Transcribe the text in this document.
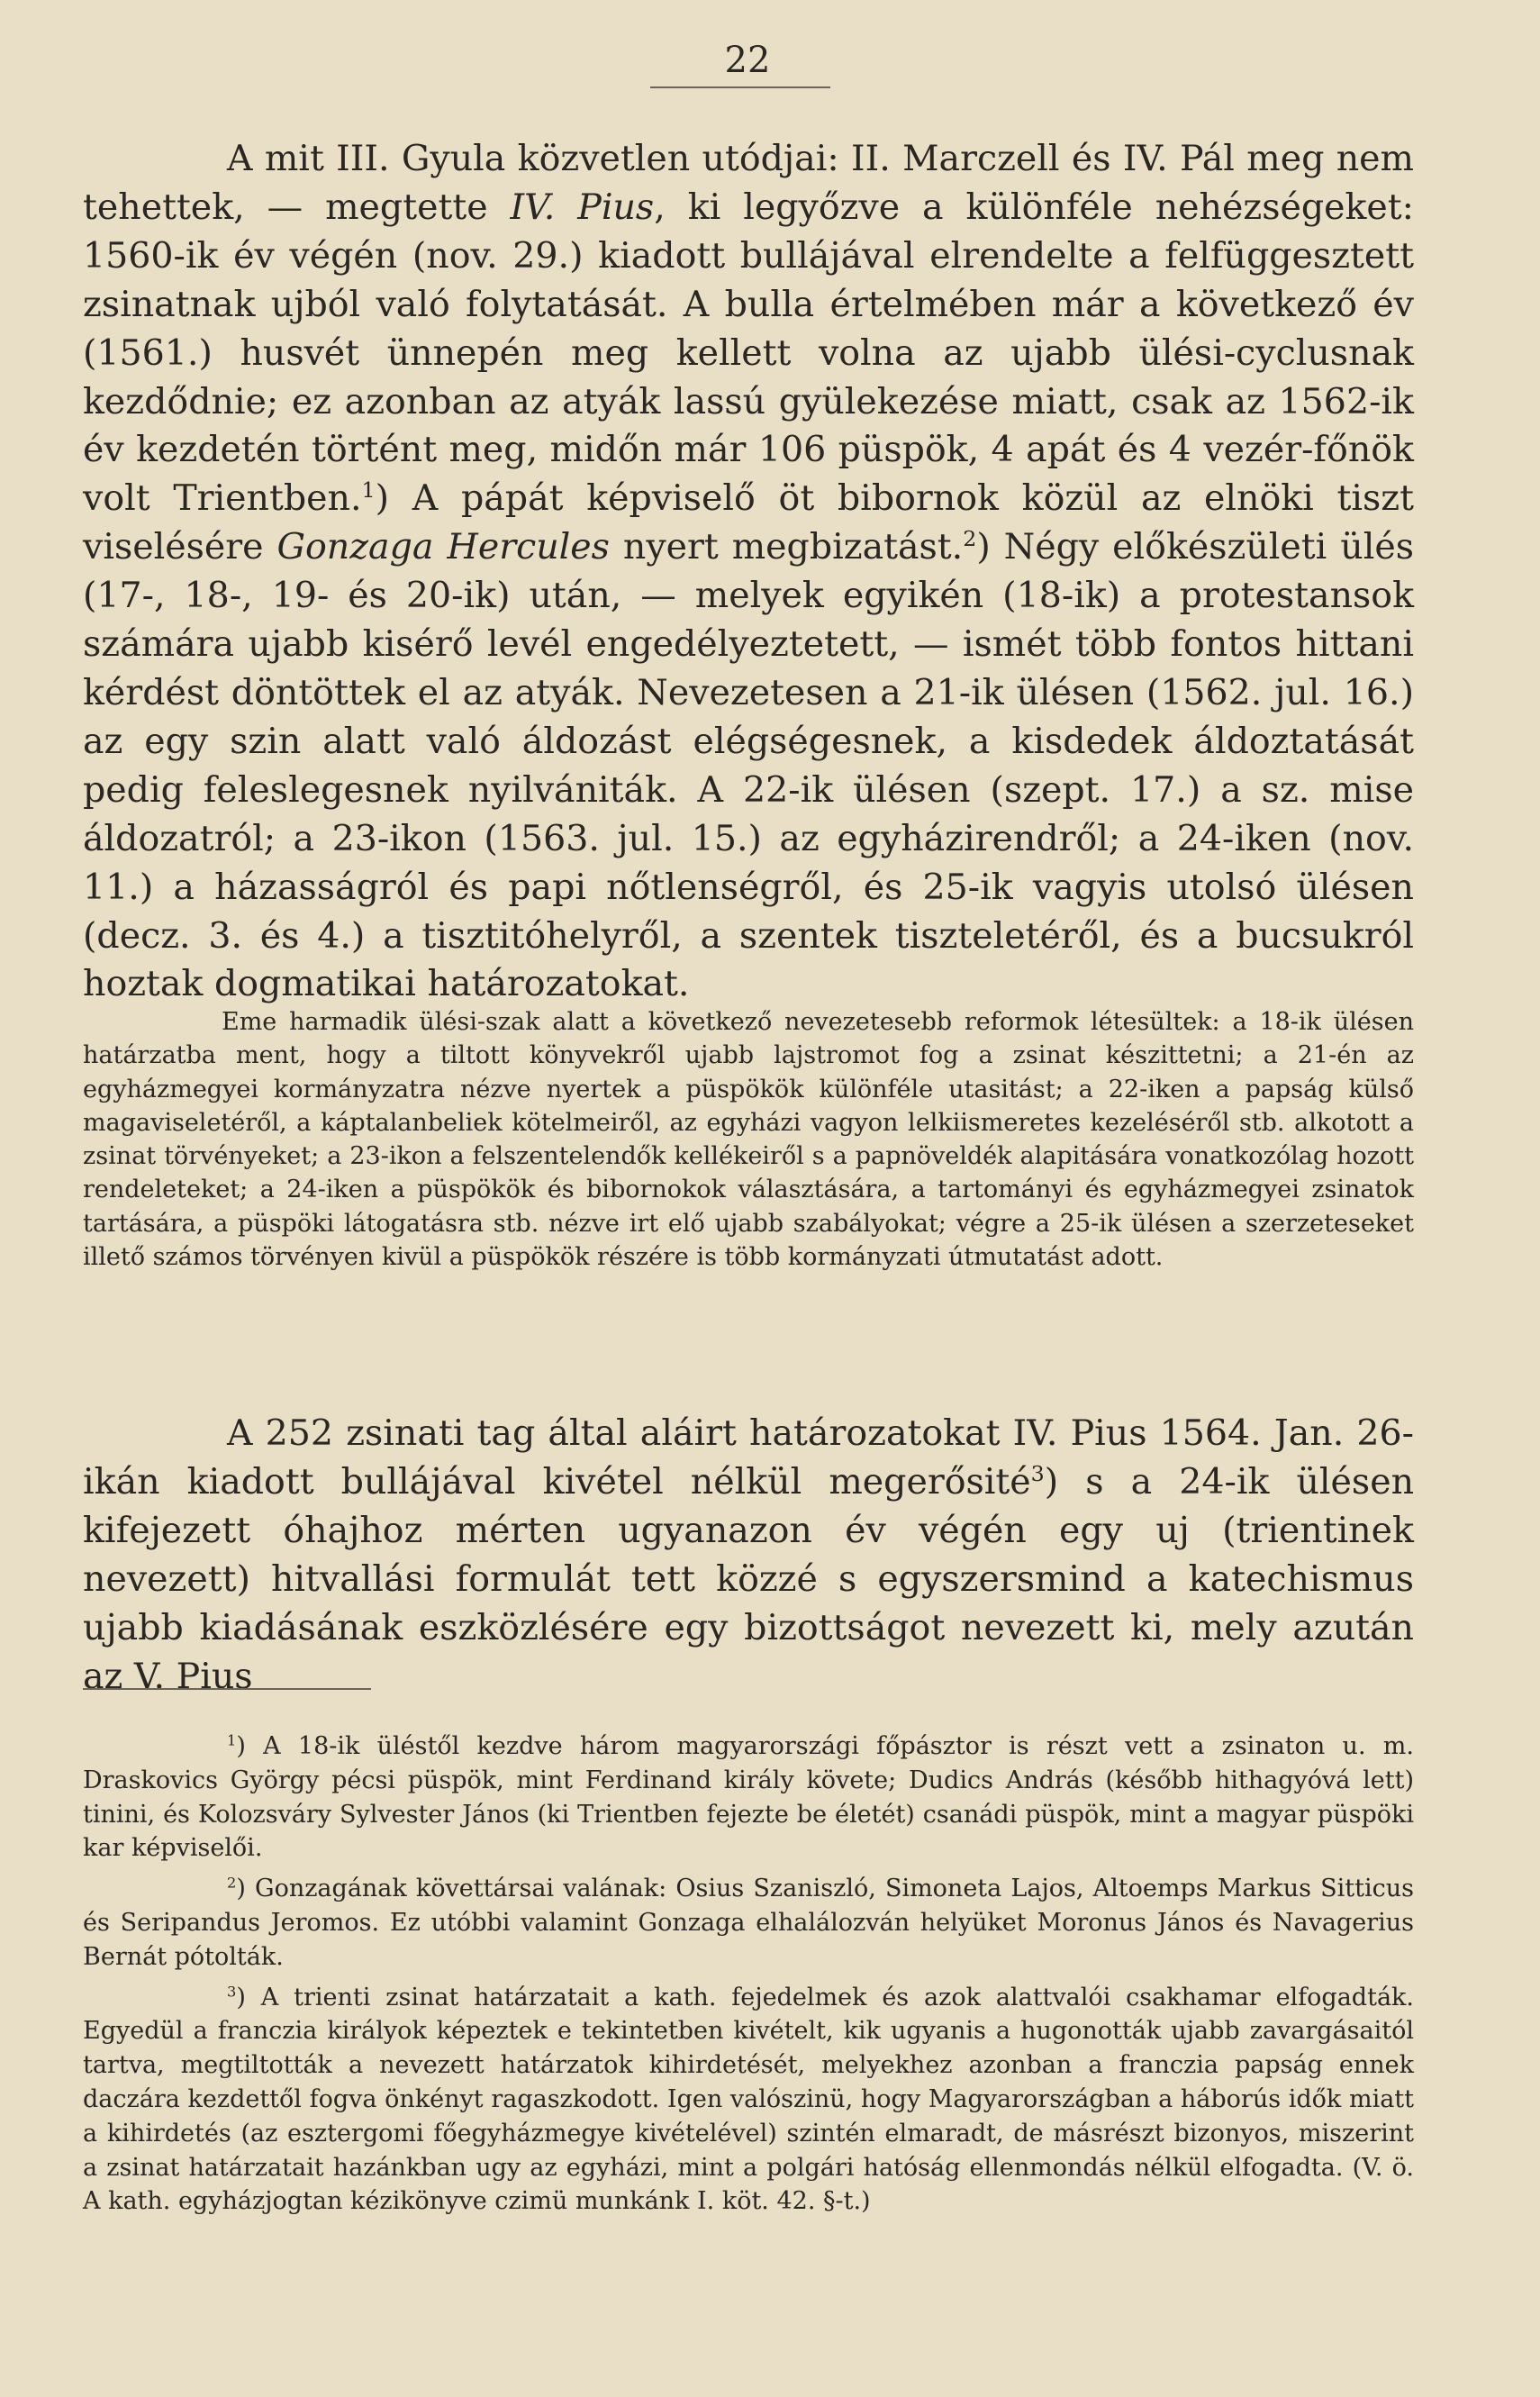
22

A mit III. Gyula közvetlen utódjai: II. Marczell és IV. Pál meg nem tehettek, — megtette IV. Pius, ki legyőzve a különféle nehézségeket: 1560-ik év végén (nov. 29.) kiadott bullájával elrendelte a felfüggesztett zsinatnak ujból való folytatását. A bulla értelmében már a következő év (1561.) husvét ünnepén meg kellett volna az ujabb ülési-cyclusnak kezdődnie; ez azonban az atyák lassú gyülekezése miatt, csak az 1562-ik év kezdetén történt meg, midőn már 106 püspök, 4 apát és 4 vezér-főnök volt Trientben.$^1$) A pápát képviselő öt bibornok közül az elnöki tiszt viselésére Gonzaga Hercules nyert megbizatást.$^2$) Négy előkészületi ülés (17-, 18-, 19- és 20-ik) után, — melyek egyikén (18-ik) a protestansok számára ujabb kisérő levél engedélyeztetett, — ismét több fontos hittani kérdést döntöttek el az atyák. Nevezetesen a 21-ik ülésen (1562. jul. 16.) az egy szin alatt való áldozást elégségesnek, a kisdedek áldoztatását pedig feleslegesnek nyilvániták. A 22-ik ülésen (szept. 17.) a sz. mise áldozatról; a 23-ikon (1563. jul. 15.) az egyházirendről; a 24-iken (nov. 11.) a házasságról és papi nőtlenségről, és 25-ik vagyis utolsó ülésen (decz. 3. és 4.) a tisztitóhelyről, a szentek tiszteletéről, és a bucsukról hoztak dogmatikai határozatokat.

Eme harmadik ülési-szak alatt a következő nevezetesebb reformok létesültek: a 18-ik ülésen határzatba ment, hogy a tiltott könyvekről ujabb lajstromot fog a zsinat készittetni; a 21-én az egyházmegyei kormányzatra nézve nyertek a püspökök különféle utasitást; a 22-iken a papság külső magaviseletéről, a káptalanbeliek kötelmeiről, az egyházi vagyon lelkiismeretes kezeléséről stb. alkotott a zsinat törvényeket; a 23-ikon a felszentelendők kellékeiről s a papnöveldék alapitására vonatkozólag hozott rendeleteket; a 24-iken a püspökök és bibornokok választására, a tartományi és egyházmegyei zsinatok tartására, a püspöki látogatásra stb. nézve irt elő ujabb szabályokat; végre a 25-ik ülésen a szerzeteseket illető számos törvényen kivül a püspökök részére is több kormányzati útmutatást adott.

A 252 zsinati tag által aláirt határozatokat IV. Pius 1564. Jan. 26-ikán kiadott bullájával kivétel nélkül megerősité$^3$) s a 24-ik ülésen kifejezett óhajhoz mérten ugyanazon év végén egy uj (trientinek nevezett) hitvallási formulát tett közzé s egyszersmind a katechismus ujabb kiadásának eszközlésére egy bizottságot nevezett ki, mely azután az V. Pius

$^1$) A 18-ik üléstől kezdve három magyarországi főpásztor is részt vett a zsinaton u. m. Draskovics György pécsi püspök, mint Ferdinand király követe; Dudics András (később hithagyóvá lett) tinini, és Kolozsváry Sylvester János (ki Trientben fejezte be életét) csanádi püspök, mint a magyar püspöki kar képviselői.

$^2$) Gonzagának követtársai valának: Osius Szaniszló, Simoneta Lajos, Altoemps Markus Sitticus és Seripandus Jeromos. Ez utóbbi valamint Gonzaga elhalálozván helyüket Moronus János és Navagerius Bernát pótolták.

$^3$) A trienti zsinat határzatait a kath. fejedelmek és azok alattvalói csakhamar elfogadták. Egyedül a franczia királyok képeztek e tekintetben kivételt, kik ugyanis a hugonották ujabb zavargásaitól tartva, megtiltották a nevezett határzatok kihirdetését, melyekhez azonban a franczia papság ennek daczára kezdettől fogva önkényt ragaszkodott. Igen valószinü, hogy Magyarországban a háborús idők miatt a kihirdetés (az esztergomi főegyházmegye kivételével) szintén elmaradt, de másrészt bizonyos, miszerint a zsinat határzatait hazánkban ugy az egyházi, mint a polgári hatóság ellenmondás nélkül elfogadta. (V. ö. A kath. egyházjogtan kézikönyve czimü munkánk I. köt. 42. §-t.)
